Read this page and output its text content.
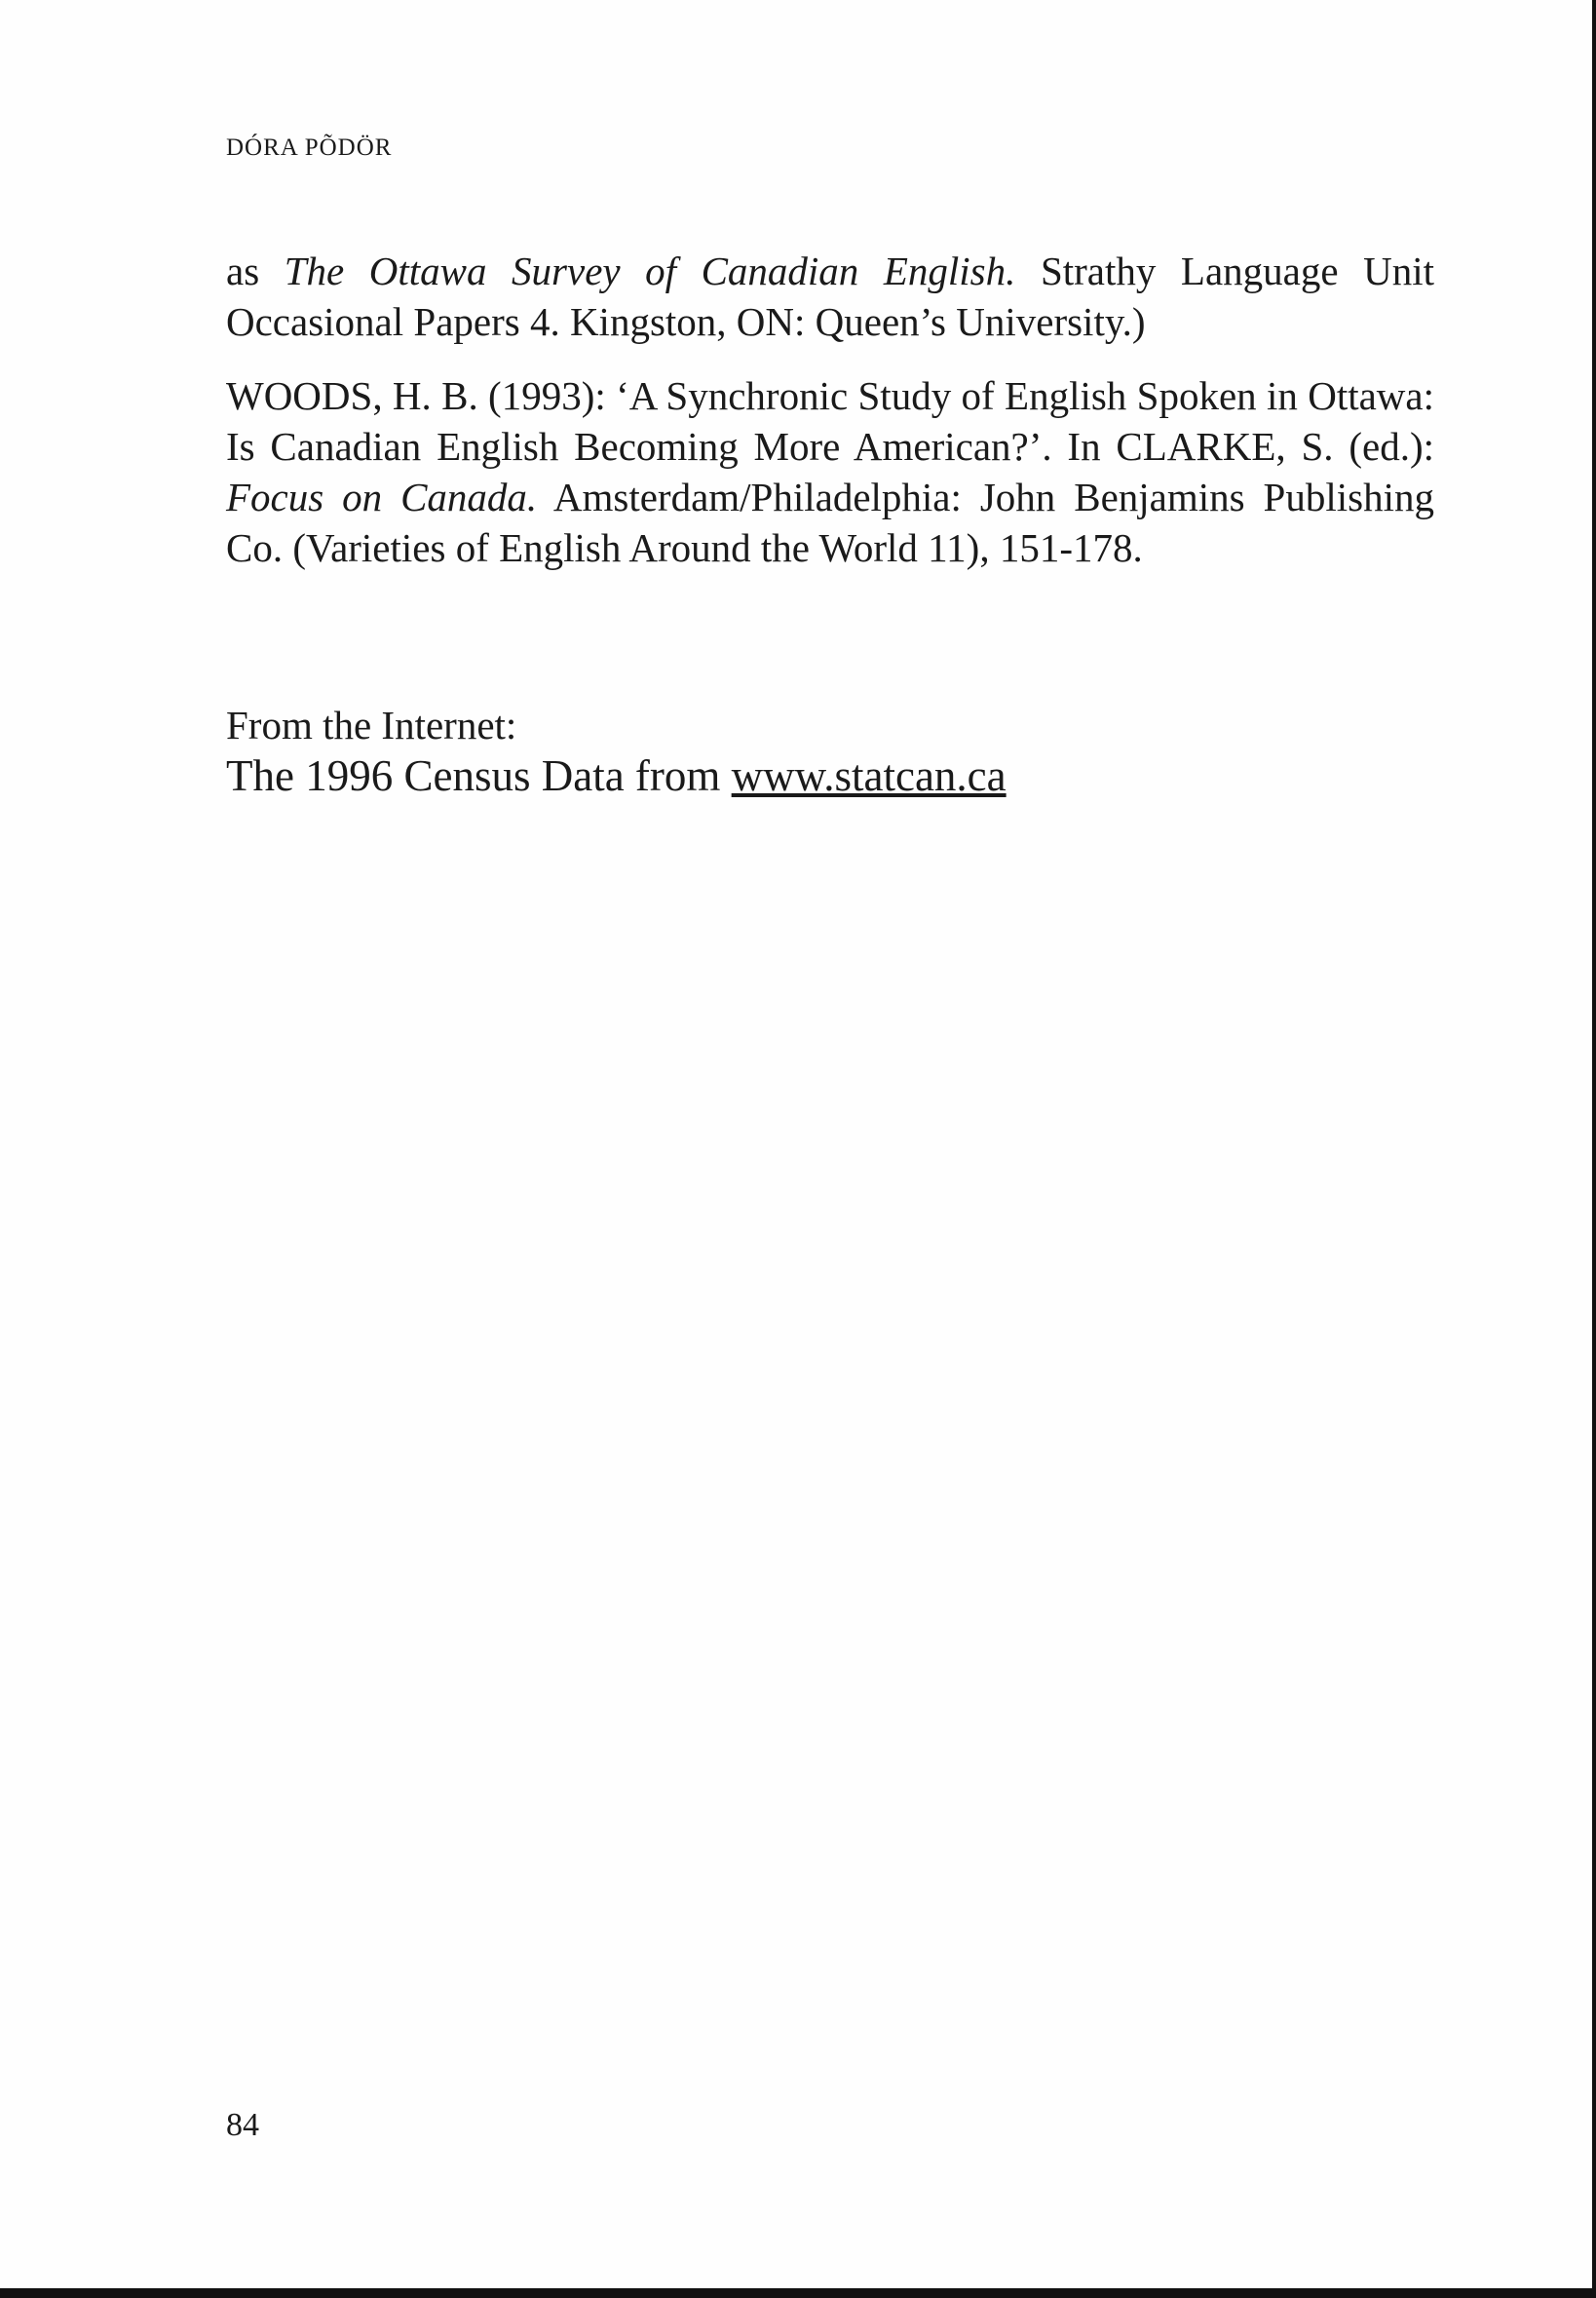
DÓRA PÕDÖR

as The Ottawa Survey of Canadian English. Strathy Language Unit Occasional Papers 4. Kingston, ON: Queen’s University.)

WOODS, H. B. (1993): ‘A Synchronic Study of English Spoken in Ottawa: Is Canadian English Becoming More American?’. In CLARKE, S. (ed.): Focus on Canada. Amsterdam/Philadelphia: John Benjamins Publishing Co. (Varieties of English Around the World 11), 151-178.

From the Internet:

The 1996 Census Data from www.statcan.ca

84
